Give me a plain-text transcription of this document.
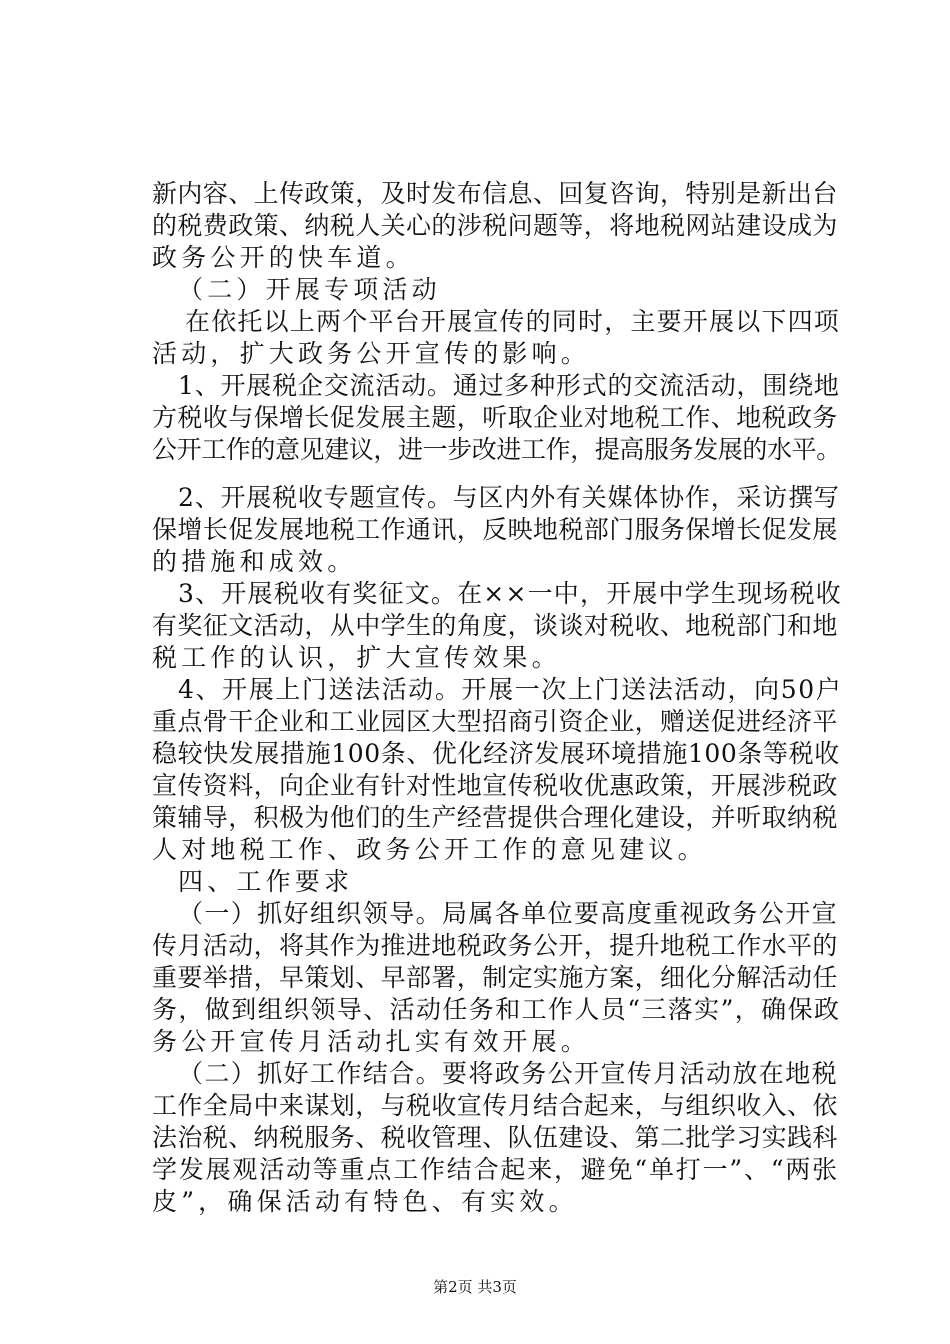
新内容、上传政策，及时发布信息、回复咨询，特别是新出台
的税费政策、纳税人关心的涉税问题等，将地税网站建设成为
政务公开的快车道。
（二）开展专项活动
在依托以上两个平台开展宣传的同时，主要开展以下四项
活动，扩大政务公开宣传的影响。
1、开展税企交流活动。通过多种形式的交流活动，围绕地
方税收与保增长促发展主题，听取企业对地税工作、地税政务
公开工作的意见建议，进一步改进工作，提高服务发展的水平。
2、开展税收专题宣传。与区内外有关媒体协作，采访撰写
保增长促发展地税工作通讯，反映地税部门服务保增长促发展
的措施和成效。
3、开展税收有奖征文。在××一中，开展中学生现场税收
有奖征文活动，从中学生的角度，谈谈对税收、地税部门和地
税工作的认识，扩大宣传效果。
4、开展上门送法活动。开展一次上门送法活动，向50户
重点骨干企业和工业园区大型招商引资企业，赠送促进经济平
稳较快发展措施100条、优化经济发展环境措施100条等税收
宣传资料，向企业有针对性地宣传税收优惠政策，开展涉税政
策辅导，积极为他们的生产经营提供合理化建设，并听取纳税
人对地税工作、政务公开工作的意见建议。
四、工作要求
（一）抓好组织领导。局属各单位要高度重视政务公开宣
传月活动，将其作为推进地税政务公开，提升地税工作水平的
重要举措，早策划、早部署，制定实施方案，细化分解活动任
务，做到组织领导、活动任务和工作人员“三落实”，确保政
务公开宣传月活动扎实有效开展。
（二）抓好工作结合。要将政务公开宣传月活动放在地税
工作全局中来谋划，与税收宣传月结合起来，与组织收入、依
法治税、纳税服务、税收管理、队伍建设、第二批学习实践科
学发展观活动等重点工作结合起来，避免“单打一”、“两张
皮”，确保活动有特色、有实效。
第2页 共3页
